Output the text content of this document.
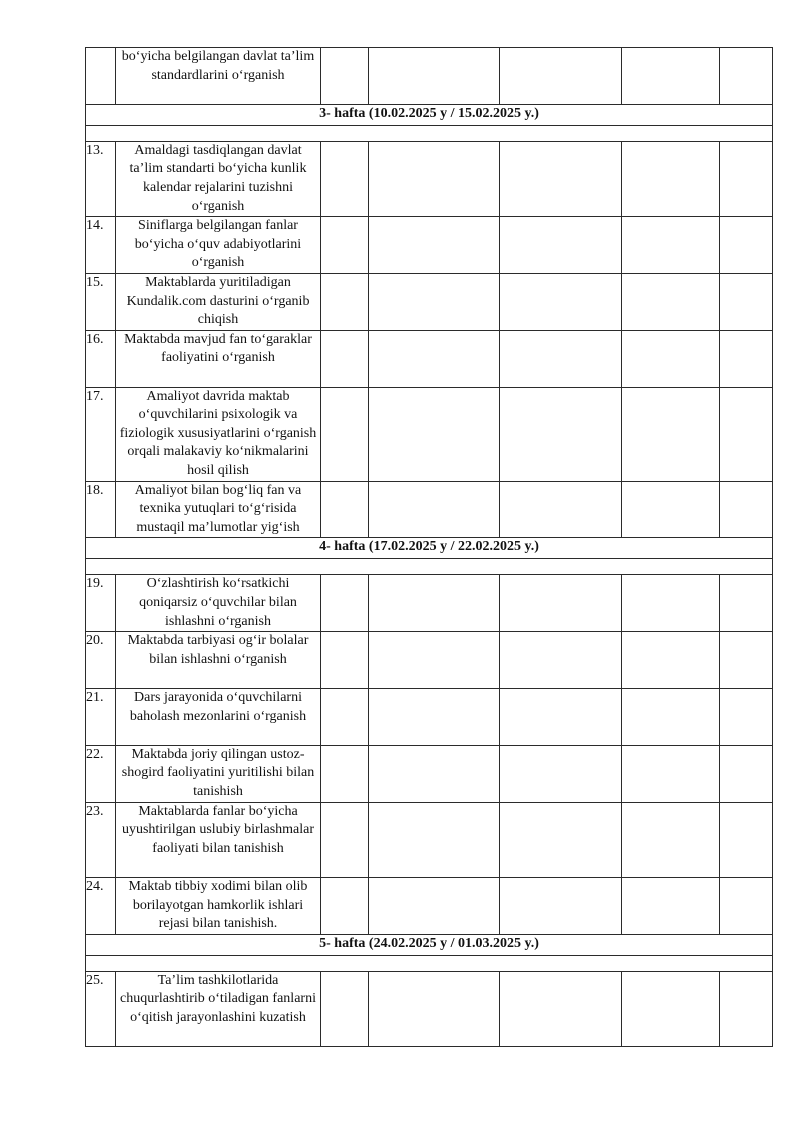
	bo‘yicha belgilangan davlat ta’lim standardlarini o‘rganish					
3- hafta (10.02.2025 y / 15.02.2025 y.)						

13.	Amaldagi tasdiqlangan davlat ta’lim standarti bo‘yicha kunlik kalendar rejalarini tuzishni o‘rganish					
14.	Siniflarga belgilangan fanlar bo‘yicha o‘quv adabiyotlarini o‘rganish					
15.	Maktablarda yuritiladigan Kundalik.com dasturini o‘rganib chiqish					
16.	Maktabda mavjud fan to‘garaklar faoliyatini o‘rganish					
17.	Amaliyot davrida maktab o‘quvchilarini psixologik va fiziologik xususiyatlarini o‘rganish orqali malakaviy ko‘nikmalarini hosil qilish					
18.	Amaliyot bilan bog‘liq fan va texnika yutuqlari to‘g‘risida mustaqil ma’lumotlar yig‘ish					
4- hafta (17.02.2025 y / 22.02.2025 y.)						

19.	O‘zlashtirish ko‘rsatkichi qoniqarsiz o‘quvchilar bilan ishlashni o‘rganish					
20.	Maktabda tarbiyasi og‘ir bolalar bilan ishlashni o‘rganish					
21.	Dars jarayonida o‘quvchilarni baholash mezonlarini o‘rganish					
22.	Maktabda joriy qilingan ustoz-shogird faoliyatini yuritilishi bilan tanishish					
23.	Maktablarda fanlar bo‘yicha uyushtirilgan uslubiy birlashmalar faoliyati bilan tanishish					
24.	Maktab tibbiy xodimi bilan olib borilayotgan hamkorlik ishlari rejasi bilan tanishish.					
5- hafta (24.02.2025 y / 01.03.2025 y.)						

25.	Ta’lim tashkilotlarida chuqurlashtirib o‘tiladigan fanlarni o‘qitish jarayonlashini kuzatish					
